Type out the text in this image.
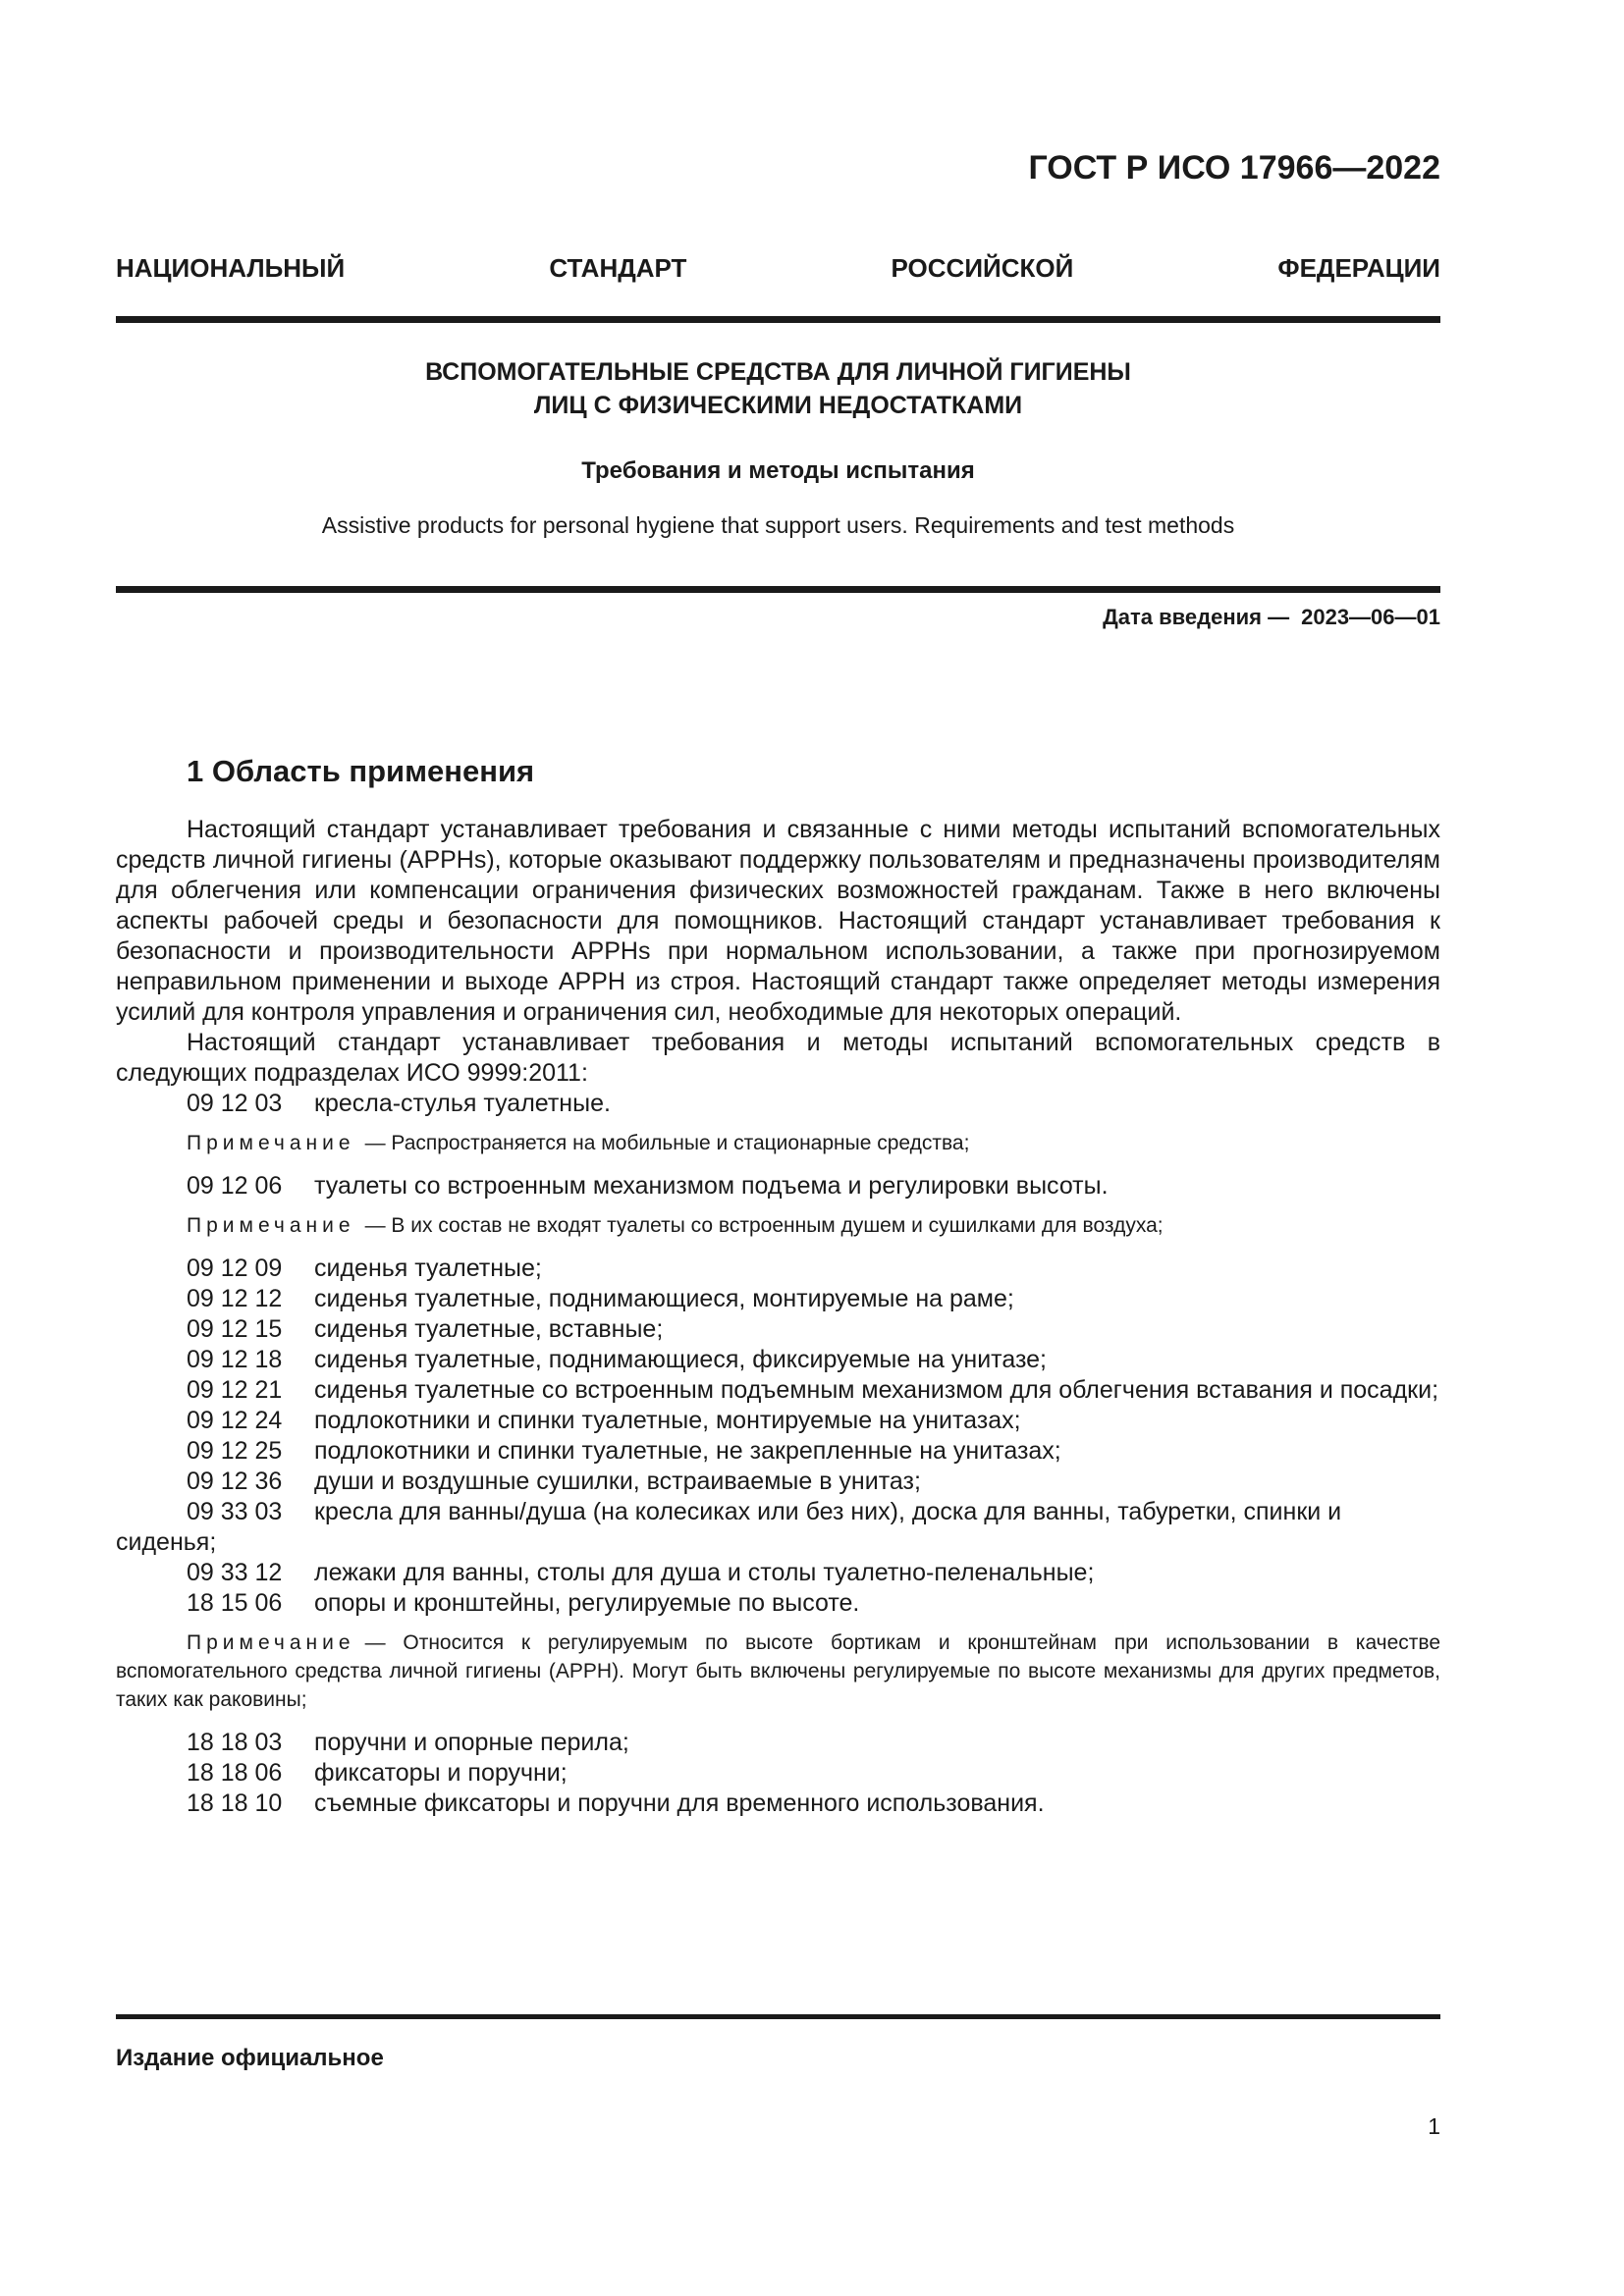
ГОСТ Р ИСО 17966—2022
НАЦИОНАЛЬНЫЙ	СТАНДАРТ	РОССИЙСКОЙ	ФЕДЕРАЦИИ

ВСПОМОГАТЕЛЬНЫЕ СРЕДСТВА ДЛЯ ЛИЧНОЙ ГИГИЕНЫ

ЛИЦ С ФИЗИЧЕСКИМИ НЕДОСТАТКАМИ

Требования и методы испытания

Assistive products for personal hygiene that support users. Requirements and test methods

Дата введения — 2023—06—01
1 Область применения

Настоящий стандарт устанавливает требования и связанные с ними методы испытаний вспомогательных средств личной гигиены (APPHs), которые оказывают поддержку пользователям и предназначены производителям для облегчения или компенсации ограничения физических возможностей гражданам. Также в него включены аспекты рабочей среды и безопасности для помощников. Настоящий стандарт устанавливает требования к безопасности и производительности APPHs при нормальном использовании, а также при прогнозируемом неправильном применении и выходе APPH из строя. Настоящий стандарт также определяет методы измерения усилий для контроля управления и ограничения сил, необходимые для некоторых операций.

Настоящий стандарт устанавливает требования и методы испытаний вспомогательных средств в следующих подразделах ИСО 9999:2011:

09 12 03 кресла-стулья туалетные.

Примечание — Распространяется на мобильные и стационарные средства;

09 12 06 туалеты со встроенным механизмом подъема и регулировки высоты.

Примечание — В их состав не входят туалеты со встроенным душем и сушилками для воздуха;

09 12 09 сиденья туалетные;

09 12 12 сиденья туалетные, поднимающиеся, монтируемые на раме;

09 12 15 сиденья туалетные, вставные;

09 12 18 сиденья туалетные, поднимающиеся, фиксируемые на унитазе;

09 12 21 сиденья туалетные со встроенным подъемным механизмом для облегчения вставания и посадки;

09 12 24 подлокотники и спинки туалетные, монтируемые на унитазах;

09 12 25 подлокотники и спинки туалетные, не закрепленные на унитазах;

09 12 36 души и воздушные сушилки, встраиваемые в унитаз;

09 33 03 кресла для ванны/душа (на колесиках или без них), доска для ванны, табуретки, спинки и сиденья;

09 33 12 лежаки для ванны, столы для душа и столы туалетно-пеленальные;

18 15 06 опоры и кронштейны, регулируемые по высоте.

Примечание — Относится к регулируемым по высоте бортикам и кронштейнам при использовании в качестве вспомогательного средства личной гигиены (APPH). Могут быть включены регулируемые по высоте механизмы для других предметов, таких как раковины;

18 18 03 поручни и опорные перила;

18 18 06 фиксаторы и поручни;

18 18 10 съемные фиксаторы и поручни для временного использования.

Издание официальное
1
